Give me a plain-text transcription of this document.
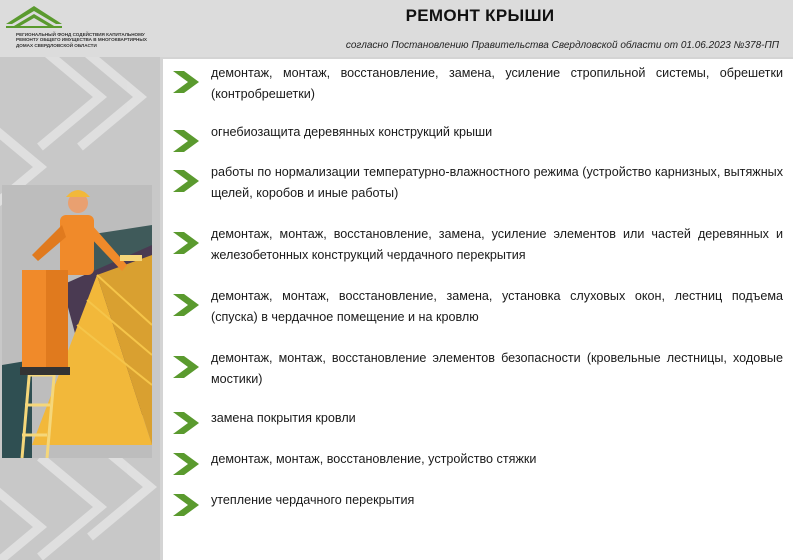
РЕГИОНАЛЬНЫЙ ФОНД СОДЕЙСТВИЯ КАПИТАЛЬНОМУ РЕМОНТУ ОБЩЕГО ИМУЩЕСТВА В МНОГОКВАРТИРНЫХ ДОМАХ СВЕРДЛОВСКОЙ ОБЛАСТИ
РЕМОНТ КРЫШИ
согласно Постановлению Правительства Свердловской области от 01.06.2023 №378-ПП
демонтаж, монтаж, восстановление, замена, усиление стропильной системы, обрешетки (контробрешетки)
огнебиозащита деревянных конструкций крыши
работы по нормализации температурно-влажностного режима (устройство карнизных, вытяжных щелей, коробов и иные работы)
демонтаж, монтаж, восстановление, замена, усиление элементов или частей деревянных и железобетонных конструкций чердачного перекрытия
демонтаж, монтаж, восстановление, замена, установка слуховых окон, лестниц подъема (спуска) в чердачное помещение и на кровлю
демонтаж, монтаж, восстановление элементов безопасности (кровельные лестницы, ходовые мостики)
замена покрытия кровли
демонтаж, монтаж, восстановление, устройство стяжки
утепление чердачного перекрытия
